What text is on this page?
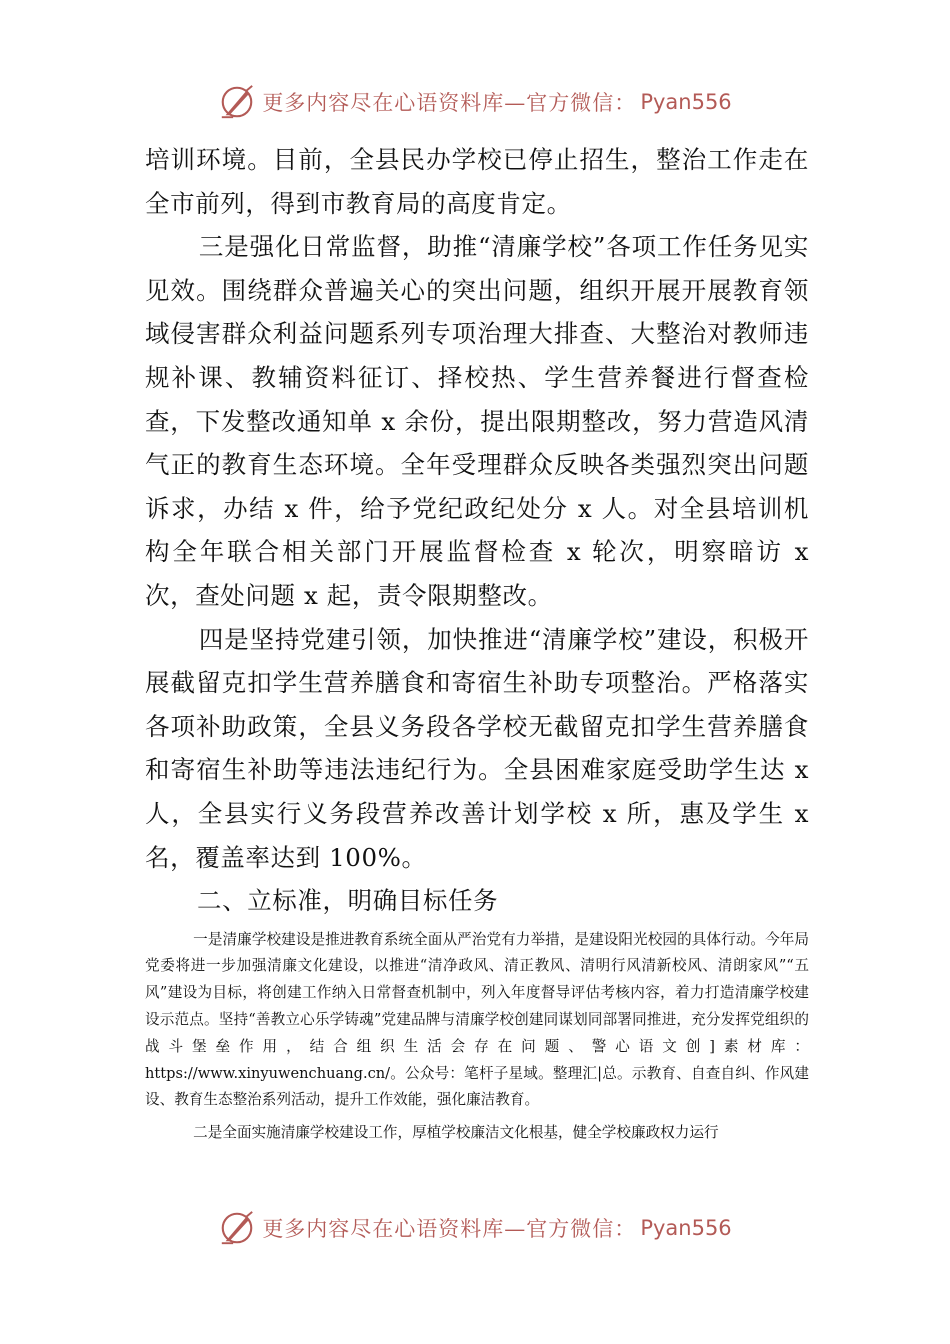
更多内容尽在心语资料库—官方微信： Pyan556

培训环境。目前，全县民办学校已停止招生，整治工作走在全市前列，得到市教育局的高度肯定。

三是强化日常监督，助推“清廉学校”各项工作任务见实见效。围绕群众普遍关心的突出问题，组织开展开展教育领域侵害群众利益问题系列专项治理大排查、大整治对教师违规补课、教辅资料征订、择校热、学生营养餐进行督查检查，下发整改通知单 x 余份，提出限期整改，努力营造风清气正的教育生态环境。全年受理群众反映各类强烈突出问题诉求，办结 x 件，给予党纪政纪处分 x 人。对全县培训机构全年联合相关部门开展监督检查 x 轮次，明察暗访 x 次，查处问题 x 起，责令限期整改。

四是坚持党建引领，加快推进“清廉学校”建设，积极开展截留克扣学生营养膳食和寄宿生补助专项整治。严格落实各项补助政策，全县义务段各学校无截留克扣学生营养膳食和寄宿生补助等违法违纪行为。全县困难家庭受助学生达 x 人，全县实行义务段营养改善计划学校 x 所，惠及学生 x 名，覆盖率达到 100%。

二、立标准，明确目标任务

一是清廉学校建设是推进教育系统全面从严治党有力举措，是建设阳光校园的具体行动。今年局党委将进一步加强清廉文化建设，以推进“清净政风、清正教风、清明行风清新校风、清朗家风”“五风”建设为目标，将创建工作纳入日常督查机制中，列入年度督导评估考核内容，着力打造清廉学校建设示范点。坚持“善教立心乐学铸魂”党建品牌与清廉学校创建同谋划同部署同推进，充分发挥党组织的战斗堡垒作用，结合组织生活会存在问题、警心语文创]素材库：https://www.xinyuwenchuang.cn/。公众号：笔杆子星域。整理汇|总。示教育、自查自纠、作风建设、教育生态整治系列活动，提升工作效能，强化廉洁教育。

二是全面实施清廉学校建设工作，厚植学校廉洁文化根基，健全学校廉政权力运行

更多内容尽在心语资料库—官方微信： Pyan556
